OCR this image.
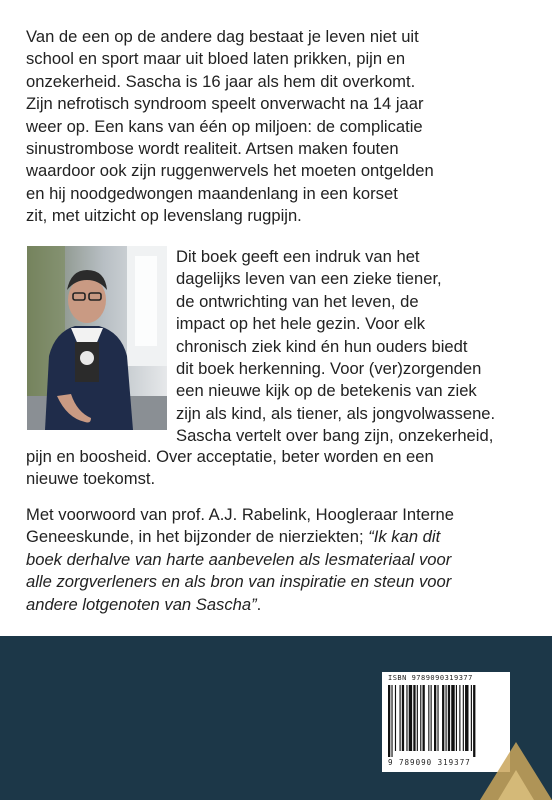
Van de een op de andere dag bestaat je leven niet uit
school en sport maar uit bloed laten prikken, pijn en
onzekerheid. Sascha is 16 jaar als hem dit overkomt.
Zijn nefrotisch syndroom speelt onverwacht na 14 jaar
weer op. Een kans van één op miljoen: de complicatie
sinustrombose wordt realiteit. Artsen maken fouten
waardoor ook zijn ruggenwervels het moeten ontgelden
en hij noodgedwongen maandenlang in een korset
zit, met uitzicht op levenslang rugpijn.
Dit boek geeft een indruk van het
dagelijks leven van een zieke tiener,
de ontwrichting van het leven, de
impact op het hele gezin. Voor elk
chronisch ziek kind én hun ouders biedt
dit boek herkenning. Voor (ver)zorgenden
een nieuwe kijk op de betekenis van ziek
zijn als kind, als tiener, als jongvolwassene.
Sascha vertelt over bang zijn, onzekerheid,
pijn en boosheid. Over acceptatie, beter worden en een
nieuwe toekomst.
Met voorwoord van prof. A.J. Rabelink, Hoogleraar Interne
Geneeskunde, in het bijzonder de nierziekten; “Ik kan dit
boek derhalve van harte aanbevelen als lesmateriaal voor
alle zorgverleners en als bron van inspiratie en steun voor
andere lotgenoten van Sascha”.
ISBN 9789090319377
9 789090 319377
